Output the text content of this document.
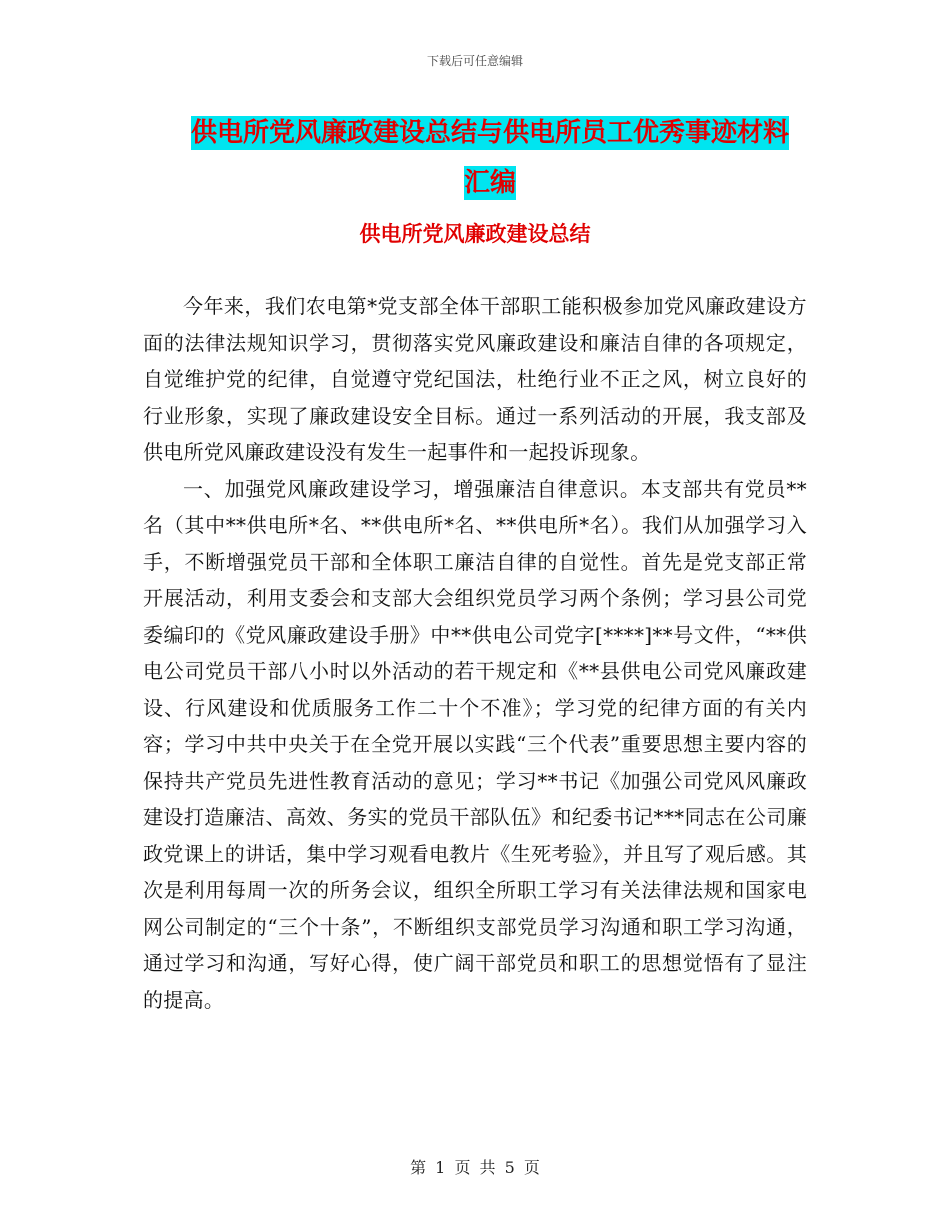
下载后可任意编辑
供电所党风廉政建设总结与供电所员工优秀事迹材料
汇编
供电所党风廉政建设总结

今年来，我们农电第*党支部全体干部职工能积极参加党风廉政建设方面的法律法规知识学习，贯彻落实党风廉政建设和廉洁自律的各项规定，自觉维护党的纪律，自觉遵守党纪国法，杜绝行业不正之风，树立良好的行业形象，实现了廉政建设安全目标。通过一系列活动的开展，我支部及供电所党风廉政建设没有发生一起事件和一起投诉现象。

一、加强党风廉政建设学习，增强廉洁自律意识。本支部共有党员**名（其中**供电所*名、**供电所*名、**供电所*名）。我们从加强学习入手，不断增强党员干部和全体职工廉洁自律的自觉性。首先是党支部正常开展活动，利用支委会和支部大会组织党员学习两个条例；学习县公司党委编印的《党风廉政建设手册》中**供电公司党字[****]**号文件，“**供电公司党员干部八小时以外活动的若干规定和《**县供电公司党风廉政建设、行风建设和优质服务工作二十个不准》；学习党的纪律方面的有关内容；学习中共中央关于在全党开展以实践“三个代表”重要思想主要内容的保持共产党员先进性教育活动的意见；学习**书记《加强公司党风风廉政建设打造廉洁、高效、务实的党员干部队伍》和纪委书记***同志在公司廉政党课上的讲话，集中学习观看电教片《生死考验》，并且写了观后感。其次是利用每周一次的所务会议，组织全所职工学习有关法律法规和国家电网公司制定的“三个十条”，不断组织支部党员学习沟通和职工学习沟通，通过学习和沟通，写好心得，使广阔干部党员和职工的思想觉悟有了显注的提高。

第 1 页 共 5 页
